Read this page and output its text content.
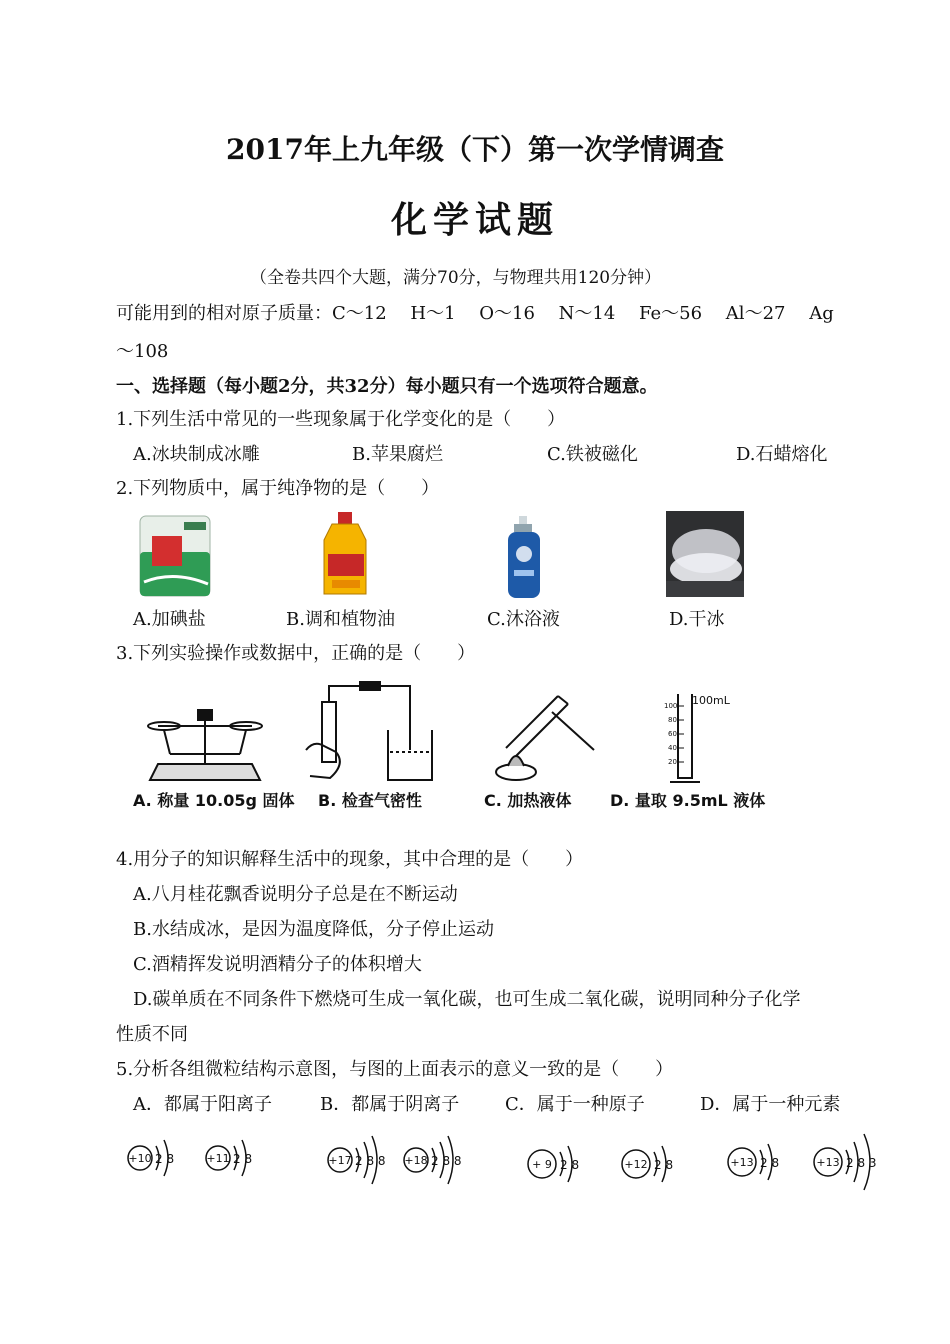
2017年上九年级（下）第一次学情调查
化学试题
（全卷共四个大题，满分70分，与物理共用120分钟）
可能用到的相对原子质量：C～12　 H～1　 O～16　 N～14　 Fe～56　 Al～27　 Ag
～108
一、选择题（每小题2分，共32分）每小题只有一个选项符合题意。
1.下列生活中常见的一些现象属于化学变化的是（　　）
A.冰块制成冰雕	B.苹果腐烂	C.铁被磁化	D.石蜡熔化
2.下列物质中，属于纯净物的是（　　）
A.加碘盐	B.调和植物油	C.沐浴液	D.干冰
3.下列实验操作或数据中，正确的是（　　）
100
80
60
40
20
100mL
A. 称量 10.05g 固体 B. 检查气密性	C. 加热液体 D. 量取 9.5mL 液体
4.用分子的知识解释生活中的现象，其中合理的是（　　）
A.八月桂花飘香说明分子总是在不断运动
B.水结成冰，是因为温度降低，分子停止运动
C.酒精挥发说明酒精分子的体积增大
D.碳单质在不同条件下燃烧可生成一氧化碳，也可生成二氧化碳，说明同种分子化学
性质不同
5.分析各组微粒结构示意图，与图的上面表示的意义一致的是（　　）
A．都属于阳离子	B．都属于阴离子	C．属于一种原子	D．属于一种元素
+10 2 8	+11 2 8	+17 2 8 8 +18 2 8 8	+ 9 2 8	+12 2 8	+13 2 8	+13 2 8 3
